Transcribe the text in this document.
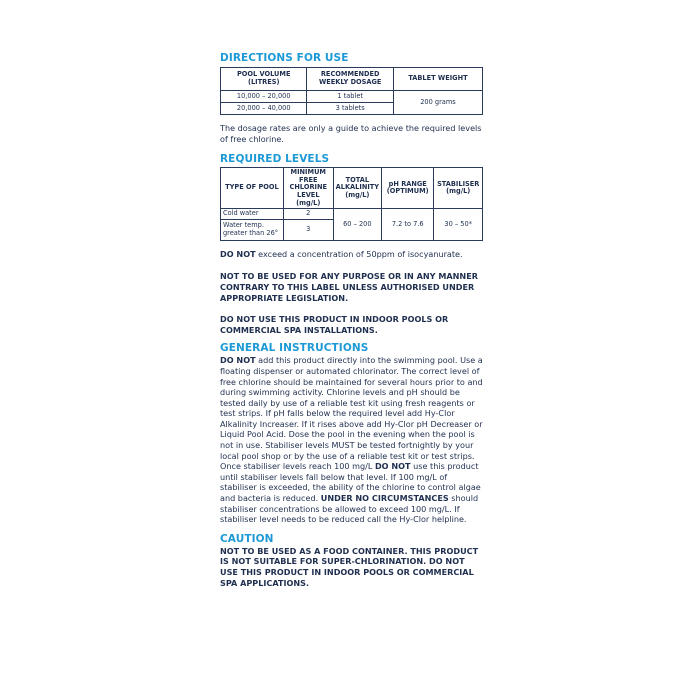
DIRECTIONS FOR USE
POOL VOLUME (LITRES)	RECOMMENDED WEEKLY DOSAGE	TABLET WEIGHT
10,000 – 20,000	1 tablet	200 grams
20,000 – 40,000	3 tablets	

The dosage rates are only a guide to achieve the required levels of free chlorine.

REQUIRED LEVELS
TYPE OF POOL	MINIMUM FREE CHLORINE LEVEL (mg/L)	TOTAL ALKALINITY (mg/L)	pH RANGE (OPTIMUM)	STABILISER (mg/L)
Cold water	2	60 – 200	7.2 to 7.6	30 – 50*
Water temp. greater than 26°	3			

DO NOT exceed a concentration of 50ppm of isocyanurate.

NOT TO BE USED FOR ANY PURPOSE OR IN ANY MANNER CONTRARY TO THIS LABEL UNLESS AUTHORISED UNDER APPROPRIATE LEGISLATION.

DO NOT USE THIS PRODUCT IN INDOOR POOLS OR COMMERCIAL SPA INSTALLATIONS.

GENERAL INSTRUCTIONS

DO NOT add this product directly into the swimming pool. Use a floating dispenser or automated chlorinator. The correct level of free chlorine should be maintained for several hours prior to and during swimming activity. Chlorine levels and pH should be tested daily by use of a reliable test kit using fresh reagents or test strips. If pH falls below the required level add Hy-Clor Alkalinity Increaser. If it rises above add Hy-Clor pH Decreaser or Liquid Pool Acid. Dose the pool in the evening when the pool is not in use. Stabiliser levels MUST be tested fortnightly by your local pool shop or by the use of a reliable test kit or test strips. Once stabiliser levels reach 100 mg/L DO NOT use this product until stabiliser levels fall below that level. If 100 mg/L of stabiliser is exceeded, the ability of the chlorine to control algae and bacteria is reduced. UNDER NO CIRCUMSTANCES should stabiliser concentrations be allowed to exceed 100 mg/L. If stabiliser level needs to be reduced call the Hy-Clor helpline.

CAUTION

NOT TO BE USED AS A FOOD CONTAINER. THIS PRODUCT IS NOT SUITABLE FOR SUPER-CHLORINATION. DO NOT USE THIS PRODUCT IN INDOOR POOLS OR COMMERCIAL SPA APPLICATIONS.
